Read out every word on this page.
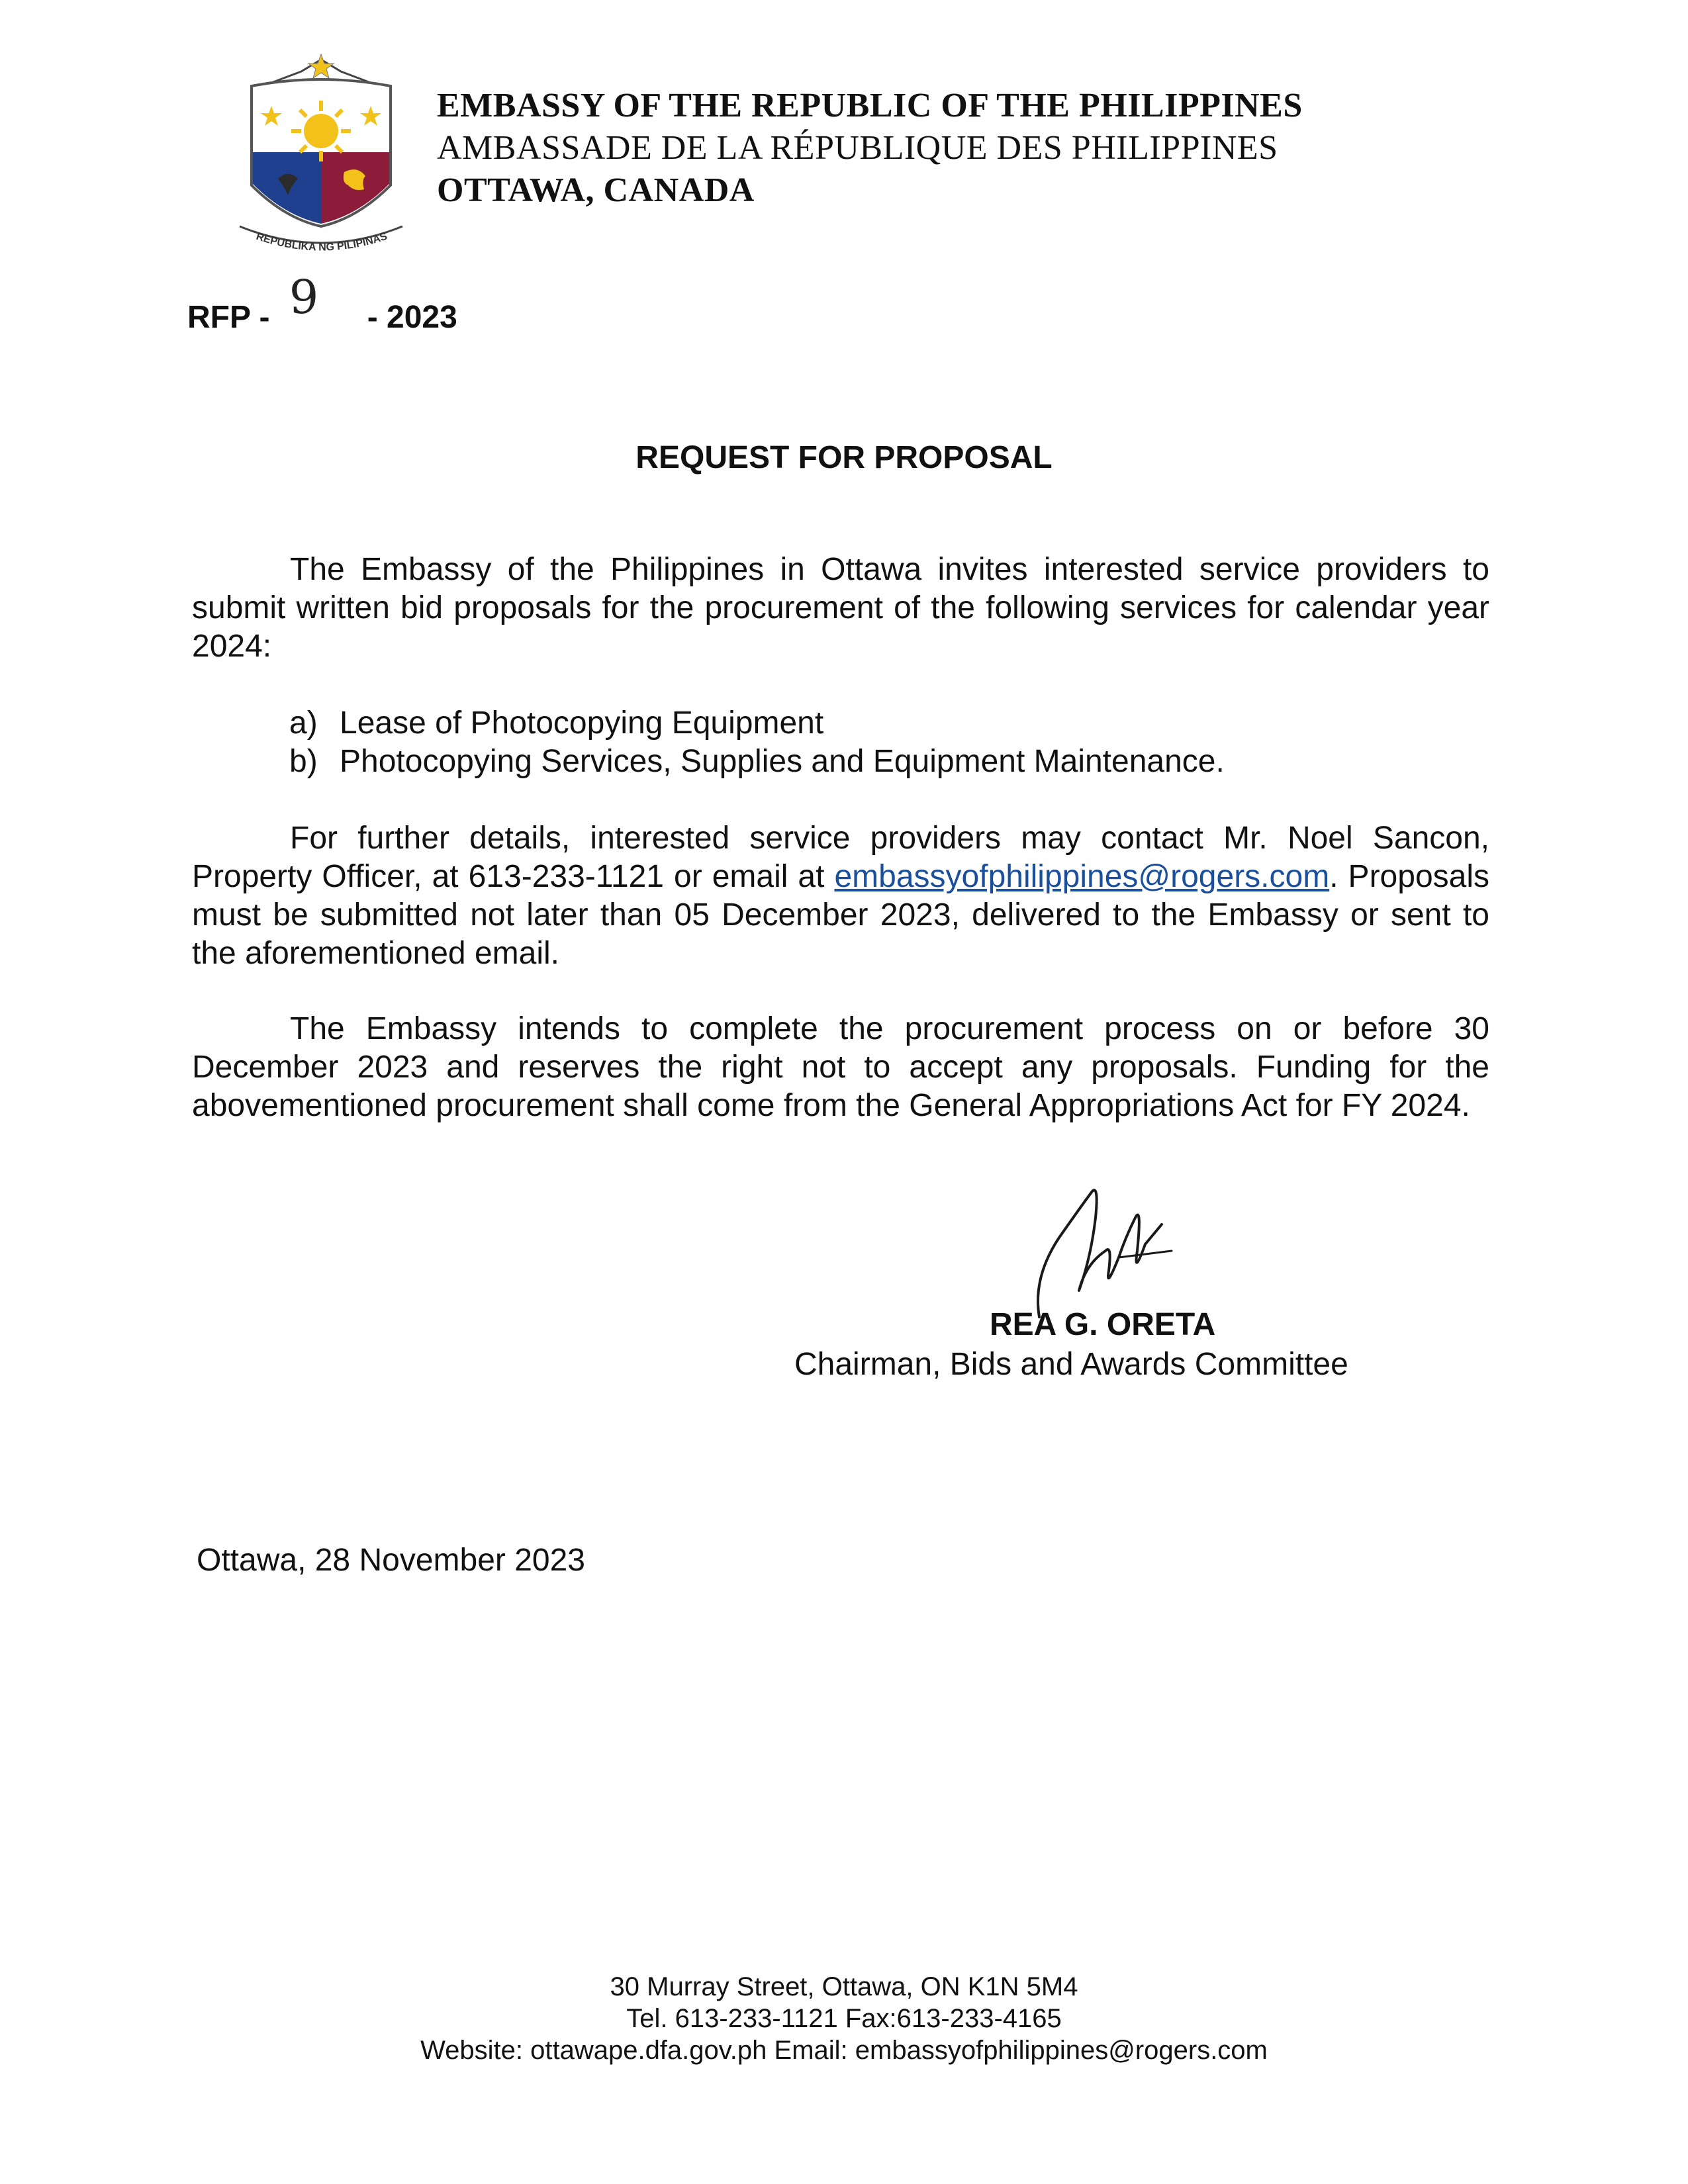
REPUBLIKA NG PILIPINAS
EMBASSY OF THE REPUBLIC OF THE PHILIPPINES
AMBASSADE DE LA RÉPUBLIQUE DES PHILIPPINES
OTTAWA, CANADA
RFP - 9 - 2023
REQUEST FOR PROPOSAL

The Embassy of the Philippines in Ottawa invites interested service providers to submit written bid proposals for the procurement of the following services for calendar year 2024:

a) Lease of Photocopying Equipment
b) Photocopying Services, Supplies and Equipment Maintenance.

For further details, interested service providers may contact Mr. Noel Sancon, Property Officer, at 613-233-1121 or email at embassyofphilippines@rogers.com. Proposals must be submitted not later than 05 December 2023, delivered to the Embassy or sent to the aforementioned email.

The Embassy intends to complete the procurement process on or before 30 December 2023 and reserves the right not to accept any proposals. Funding for the abovementioned procurement shall come from the General Appropriations Act for FY 2024.

REA G. ORETA
Chairman, Bids and Awards Committee
Ottawa, 28 November 2023
30 Murray Street, Ottawa, ON K1N 5M4
Tel. 613-233-1121 Fax:613-233-4165
Website: ottawape.dfa.gov.ph Email: embassyofphilippines@rogers.com
